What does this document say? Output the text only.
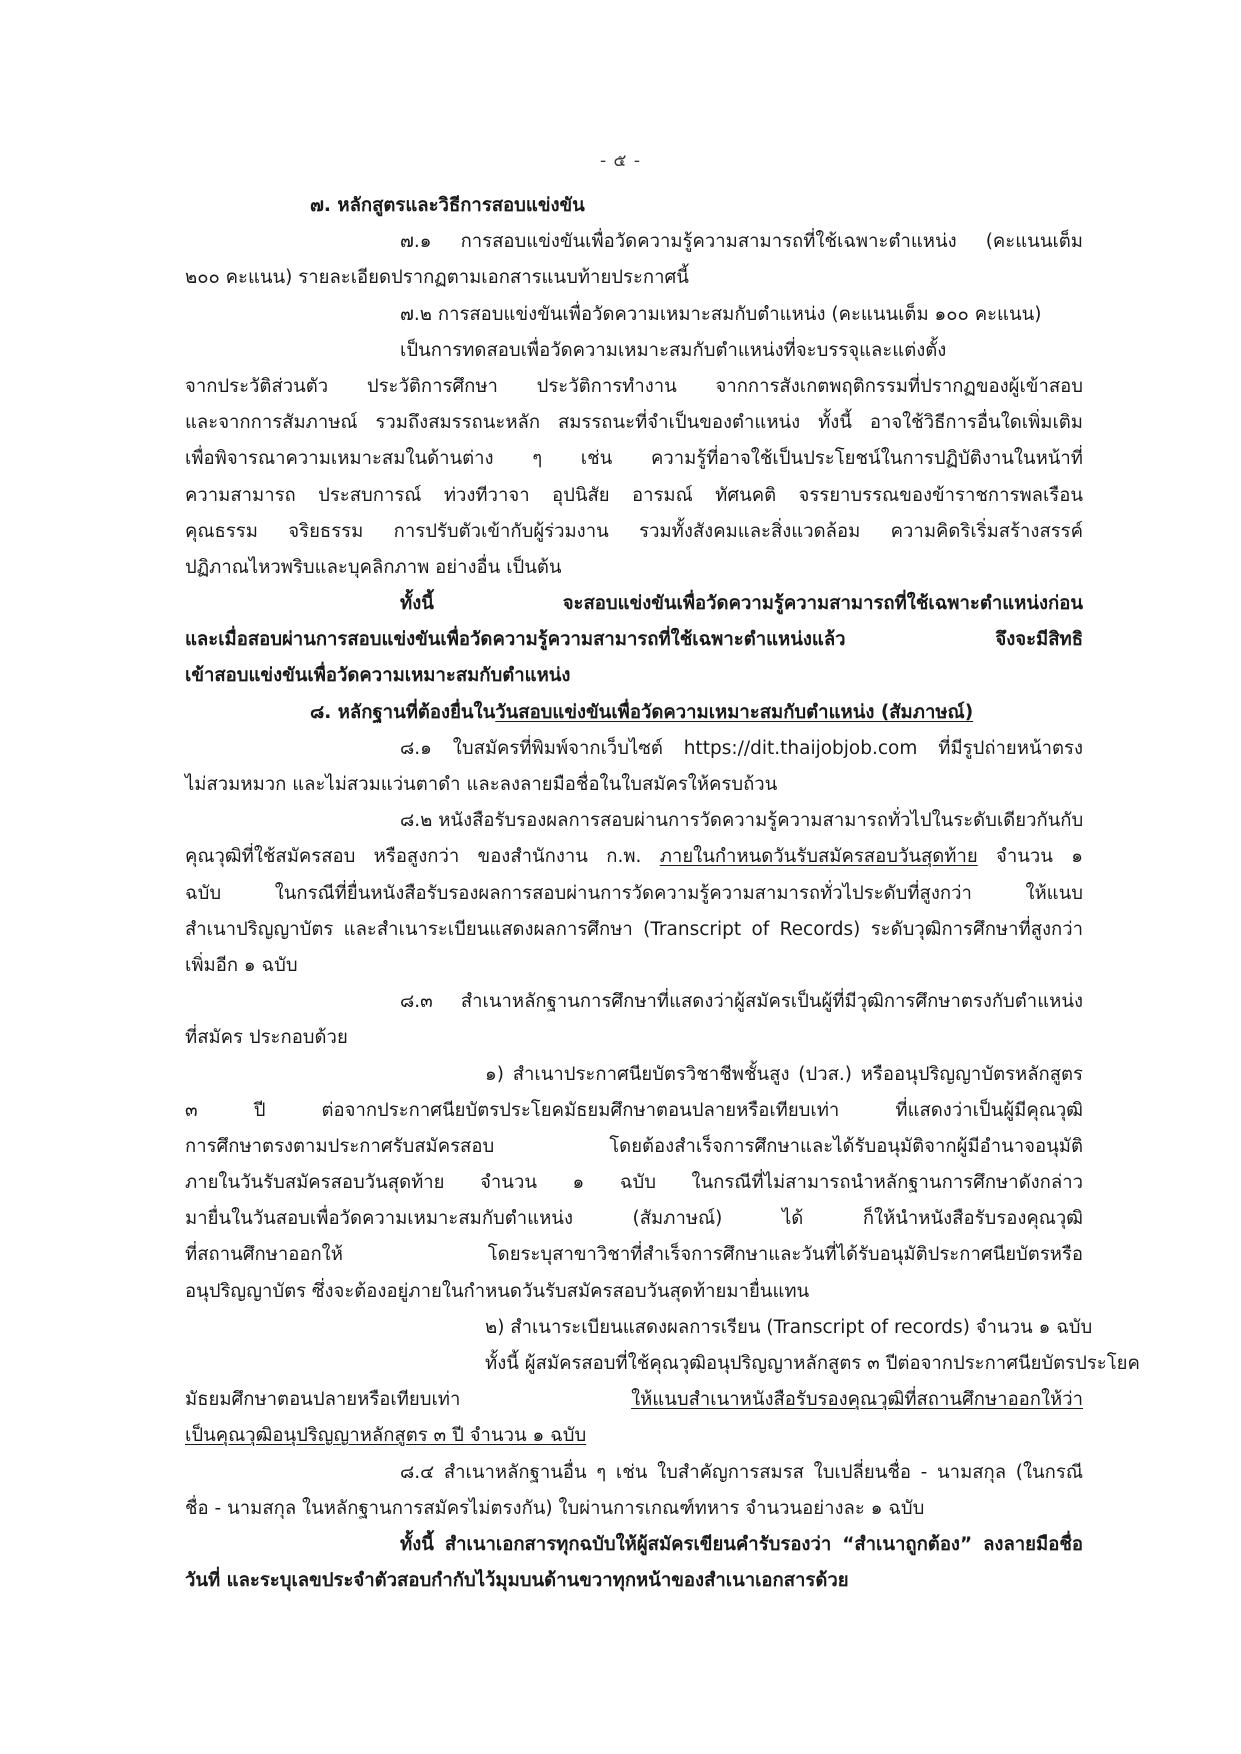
- ๕ -
๗. หลักสูตรและวิธีการสอบแข่งขัน
๗.๑ การสอบแข่งขันเพื่อวัดความรู้ความสามารถที่ใช้เฉพาะตำแหน่ง (คะแนนเต็ม
๒๐๐ คะแนน) รายละเอียดปรากฏตามเอกสารแนบท้ายประกาศนี้
๗.๒ การสอบแข่งขันเพื่อวัดความเหมาะสมกับตำแหน่ง (คะแนนเต็ม ๑๐๐ คะแนน)
เป็นการทดสอบเพื่อวัดความเหมาะสมกับตำแหน่งที่จะบรรจุและแต่งตั้ง
จากประวัติส่วนตัว ประวัติการศึกษา ประวัติการทำงาน จากการสังเกตพฤติกรรมที่ปรากฏของผู้เข้าสอบ
และจากการสัมภาษณ์ รวมถึงสมรรถนะหลัก สมรรถนะที่จำเป็นของตำแหน่ง ทั้งนี้ อาจใช้วิธีการอื่นใดเพิ่มเติม
เพื่อพิจารณาความเหมาะสมในด้านต่าง ๆ เช่น ความรู้ที่อาจใช้เป็นประโยชน์ในการปฏิบัติงานในหน้าที่
ความสามารถ ประสบการณ์ ท่วงทีวาจา อุปนิสัย อารมณ์ ทัศนคติ จรรยาบรรณของข้าราชการพลเรือน
คุณธรรม จริยธรรม การปรับตัวเข้ากับผู้ร่วมงาน รวมทั้งสังคมและสิ่งแวดล้อม ความคิดริเริ่มสร้างสรรค์
ปฏิภาณไหวพริบและบุคลิกภาพ อย่างอื่น เป็นต้น
ทั้งนี้ จะสอบแข่งขันเพื่อวัดความรู้ความสามารถที่ใช้เฉพาะตำแหน่งก่อน
และเมื่อสอบผ่านการสอบแข่งขันเพื่อวัดความรู้ความสามารถที่ใช้เฉพาะตำแหน่งแล้ว จึงจะมีสิทธิ
เข้าสอบแข่งขันเพื่อวัดความเหมาะสมกับตำแหน่ง
๘. หลักฐานที่ต้องยื่นในวันสอบแข่งขันเพื่อวัดความเหมาะสมกับตำแหน่ง (สัมภาษณ์)
๘.๑ ใบสมัครที่พิมพ์จากเว็บไซต์ https://dit.thaijobjob.com ที่มีรูปถ่ายหน้าตรง
ไม่สวมหมวก และไม่สวมแว่นตาดำ และลงลายมือชื่อในใบสมัครให้ครบถ้วน
๘.๒ หนังสือรับรองผลการสอบผ่านการวัดความรู้ความสามารถทั่วไปในระดับเดียวกันกับ
คุณวุฒิที่ใช้สมัครสอบ หรือสูงกว่า ของสำนักงาน ก.พ. ภายในกำหนดวันรับสมัครสอบวันสุดท้าย จำนวน ๑
ฉบับ ในกรณีที่ยื่นหนังสือรับรองผลการสอบผ่านการวัดความรู้ความสามารถทั่วไประดับที่สูงกว่า ให้แนบ
สำเนาปริญญาบัตร และสำเนาระเบียนแสดงผลการศึกษา (Transcript of Records) ระดับวุฒิการศึกษาที่สูงกว่า
เพิ่มอีก ๑ ฉบับ
๘.๓ สำเนาหลักฐานการศึกษาที่แสดงว่าผู้สมัครเป็นผู้ที่มีวุฒิการศึกษาตรงกับตำแหน่ง
ที่สมัคร ประกอบด้วย
๑) สำเนาประกาศนียบัตรวิชาชีพชั้นสูง (ปวส.) หรืออนุปริญญาบัตรหลักสูตร
๓ ปี ต่อจากประกาศนียบัตรประโยคมัธยมศึกษาตอนปลายหรือเทียบเท่า ที่แสดงว่าเป็นผู้มีคุณวุฒิ
การศึกษาตรงตามประกาศรับสมัครสอบ โดยต้องสำเร็จการศึกษาและได้รับอนุมัติจากผู้มีอำนาจอนุมัติ
ภายในวันรับสมัครสอบวันสุดท้าย จำนวน ๑ ฉบับ ในกรณีที่ไม่สามารถนำหลักฐานการศึกษาดังกล่าว
มายื่นในวันสอบเพื่อวัดความเหมาะสมกับตำแหน่ง (สัมภาษณ์) ได้ ก็ให้นำหนังสือรับรองคุณวุฒิ
ที่สถานศึกษาออกให้ โดยระบุสาขาวิชาที่สำเร็จการศึกษาและวันที่ได้รับอนุมัติประกาศนียบัตรหรือ
อนุปริญญาบัตร ซึ่งจะต้องอยู่ภายในกำหนดวันรับสมัครสอบวันสุดท้ายมายื่นแทน
๒) สำเนาระเบียนแสดงผลการเรียน (Transcript of records) จำนวน ๑ ฉบับ
ทั้งนี้ ผู้สมัครสอบที่ใช้คุณวุฒิอนุปริญญาหลักสูตร ๓ ปีต่อจากประกาศนียบัตรประโยค
มัธยมศึกษาตอนปลายหรือเทียบเท่า ให้แนบสำเนาหนังสือรับรองคุณวุฒิที่สถานศึกษาออกให้ว่า
เป็นคุณวุฒิอนุปริญญาหลักสูตร ๓ ปี จำนวน ๑ ฉบับ
๘.๔ สำเนาหลักฐานอื่น ๆ เช่น ใบสำคัญการสมรส ใบเปลี่ยนชื่อ - นามสกุล (ในกรณี
ชื่อ - นามสกุล ในหลักฐานการสมัครไม่ตรงกัน) ใบผ่านการเกณฑ์ทหาร จำนวนอย่างละ ๑ ฉบับ
ทั้งนี้ สำเนาเอกสารทุกฉบับให้ผู้สมัครเขียนคำรับรองว่า “สำเนาถูกต้อง” ลงลายมือชื่อ
วันที่ และระบุเลขประจำตัวสอบกำกับไว้มุมบนด้านขวาทุกหน้าของสำเนาเอกสารด้วย
